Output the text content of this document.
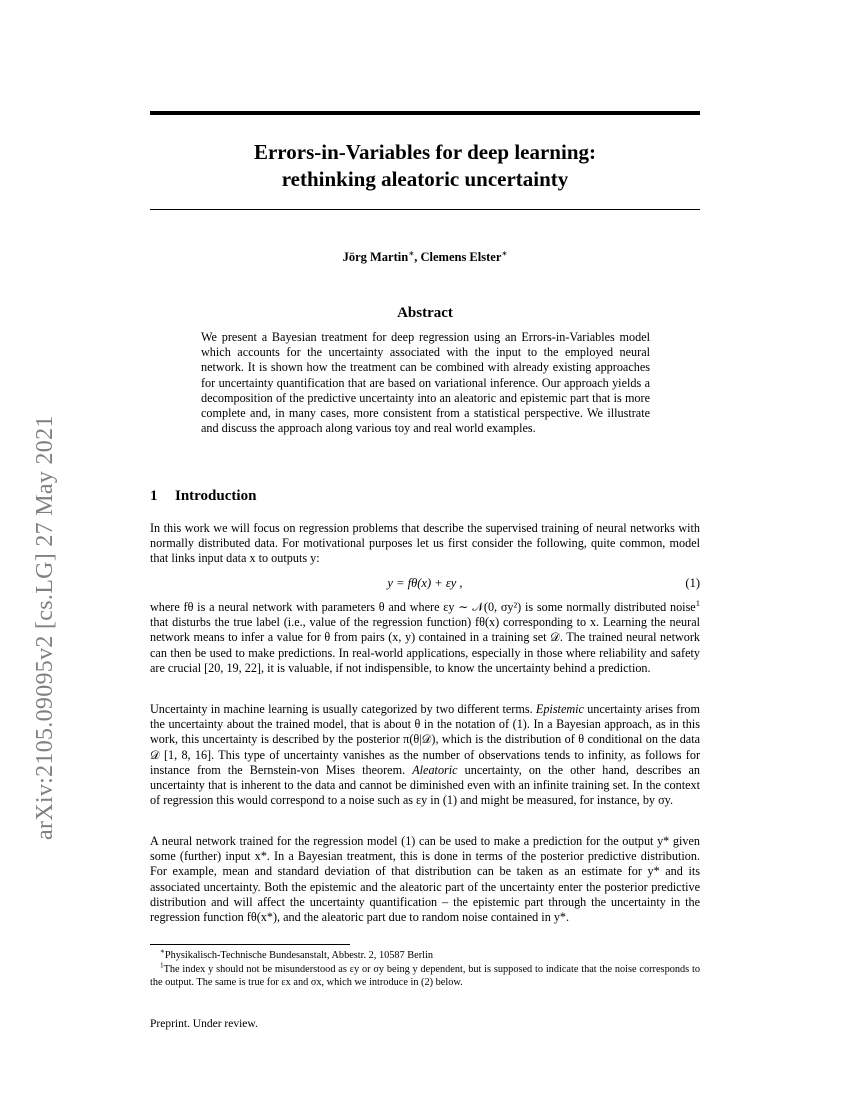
arXiv:2105.09095v2 [cs.LG] 27 May 2021
Errors-in-Variables for deep learning:
rethinking aleatoric uncertainty
Jörg Martin∗, Clemens Elster∗
Abstract
We present a Bayesian treatment for deep regression using an Errors-in-Variables model which accounts for the uncertainty associated with the input to the employed neural network. It is shown how the treatment can be combined with already existing approaches for uncertainty quantification that are based on variational inference. Our approach yields a decomposition of the predictive uncertainty into an aleatoric and epistemic part that is more complete and, in many cases, more consistent from a statistical perspective. We illustrate and discuss the approach along various toy and real world examples.
1 Introduction
In this work we will focus on regression problems that describe the supervised training of neural networks with normally distributed data. For motivational purposes let us first consider the following, quite common, model that links input data x to outputs y:
y = fθ(x) + εy ,	(1)
where fθ is a neural network with parameters θ and where εy ∼ 𝒩(0, σy²) is some normally distributed noise$^1$ that disturbs the true label (i.e., value of the regression function) fθ(x) corresponding to x. Learning the neural network means to infer a value for θ from pairs (x, y) contained in a training set 𝒟. The trained neural network can then be used to make predictions. In real-world applications, especially in those where reliability and safety are crucial [20, 19, 22], it is valuable, if not indispensible, to know the uncertainty behind a prediction.
Uncertainty in machine learning is usually categorized by two different terms. Epistemic uncertainty arises from the uncertainty about the trained model, that is about θ in the notation of (1). In a Bayesian approach, as in this work, this uncertainty is described by the posterior π(θ|𝒟), which is the distribution of θ conditional on the data 𝒟 [1, 8, 16]. This type of uncertainty vanishes as the number of observations tends to infinity, as follows for instance from the Bernstein-von Mises theorem. Aleatoric uncertainty, on the other hand, describes an uncertainty that is inherent to the data and cannot be diminished even with an infinite training set. In the context of regression this would correspond to a noise such as εy in (1) and might be measured, for instance, by σy.
A neural network trained for the regression model (1) can be used to make a prediction for the output y* given some (further) input x*. In a Bayesian treatment, this is done in terms of the posterior predictive distribution. For example, mean and standard deviation of that distribution can be taken as an estimate for y* and its associated uncertainty. Both the epistemic and the aleatoric part of the uncertainty enter the posterior predictive distribution and will affect the uncertainty quantification – the epistemic part through the uncertainty in the regression function fθ(x*), and the aleatoric part due to random noise contained in y*.
∗Physikalisch-Technische Bundesanstalt, Abbestr. 2, 10587 Berlin
$^1$The index y should not be misunderstood as εy or σy being y dependent, but is supposed to indicate that the noise corresponds to the output. The same is true for εx and σx, which we introduce in (2) below.
Preprint. Under review.
